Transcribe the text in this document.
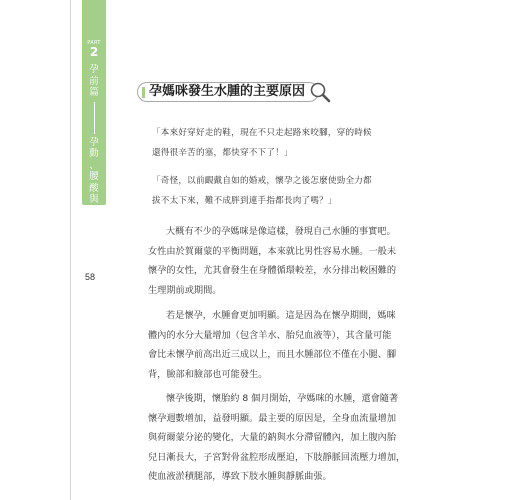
PART
2
孕
前
篇
孕
動
、
腰
酸
與
痛
58
孕媽咪發生水腫的主要原因
「本來好穿好走的鞋，現在不只走起路來咬腳，穿的時候
還得很辛苦的塞，都快穿不下了！」
「奇怪，以前靦戴自如的婚戒，懷孕之後怎麼使勁全力都
拔不太下來，難不成胖到連手指都長肉了嗎？」
大概有不少的孕媽咪是像這樣，發現自己水腫的事實吧。
女性由於賀爾蒙的平衡問題，本來就比男性容易水腫。一般未
懷孕的女性，尤其會發生在身體循環較差，水分排出較困難的
生理期前或期間。
若是懷孕，水腫會更加明顯。這是因為在懷孕期間，媽咪
體內的水分大量增加（包含羊水、胎兒血液等），其含量可能
會比未懷孕前高出近三成以上，而且水腫部位不僅在小腿、腳
背，臉部和臉部也可能發生。
懷孕後期，懷胎約 8 個月開始，孕媽咪的水腫，還會隨著
懷孕週數增加，益發明顯。最主要的原因是，全身血流量增加
與荷爾蒙分泌的變化，大量的鈉與水分滯留體內，加上腹內胎
兒日漸長大，子宮對骨盆腔形成壓迫，下肢靜脈回流壓力增加，
使血液淤積腿部，導致下肢水腫與靜脈曲張。
